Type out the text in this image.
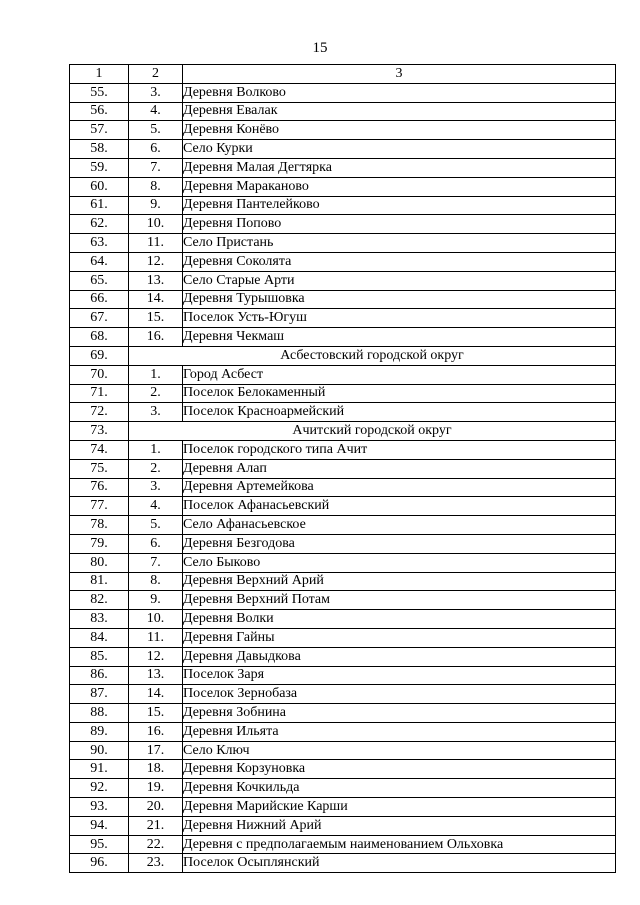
15
1	2	3
55.	3.	Деревня Волково
56.	4.	Деревня Евалак
57.	5.	Деревня Конёво
58.	6.	Село Курки
59.	7.	Деревня Малая Дегтярка
60.	8.	Деревня Мараканово
61.	9.	Деревня Пантелейково
62.	10.	Деревня Попово
63.	11.	Село Пристань
64.	12.	Деревня Соколята
65.	13.	Село Старые Арти
66.	14.	Деревня Турышовка
67.	15.	Поселок Усть-Югуш
68.	16.	Деревня Чекмаш
69.	Асбестовский городской округ	
70.	1.	Город Асбест
71.	2.	Поселок Белокаменный
72.	3.	Поселок Красноармейский
73.	Ачитский городской округ	
74.	1.	Поселок городского типа Ачит
75.	2.	Деревня Алап
76.	3.	Деревня Артемейкова
77.	4.	Поселок Афанасьевский
78.	5.	Село Афанасьевское
79.	6.	Деревня Безгодова
80.	7.	Село Быково
81.	8.	Деревня Верхний Арий
82.	9.	Деревня Верхний Потам
83.	10.	Деревня Волки
84.	11.	Деревня Гайны
85.	12.	Деревня Давыдкова
86.	13.	Поселок Заря
87.	14.	Поселок Зернобаза
88.	15.	Деревня Зобнина
89.	16.	Деревня Ильята
90.	17.	Село Ключ
91.	18.	Деревня Корзуновка
92.	19.	Деревня Кочкильда
93.	20.	Деревня Марийские Карши
94.	21.	Деревня Нижний Арий
95.	22.	Деревня с предполагаемым наименованием Ольховка
96.	23.	Поселок Осыплянский
